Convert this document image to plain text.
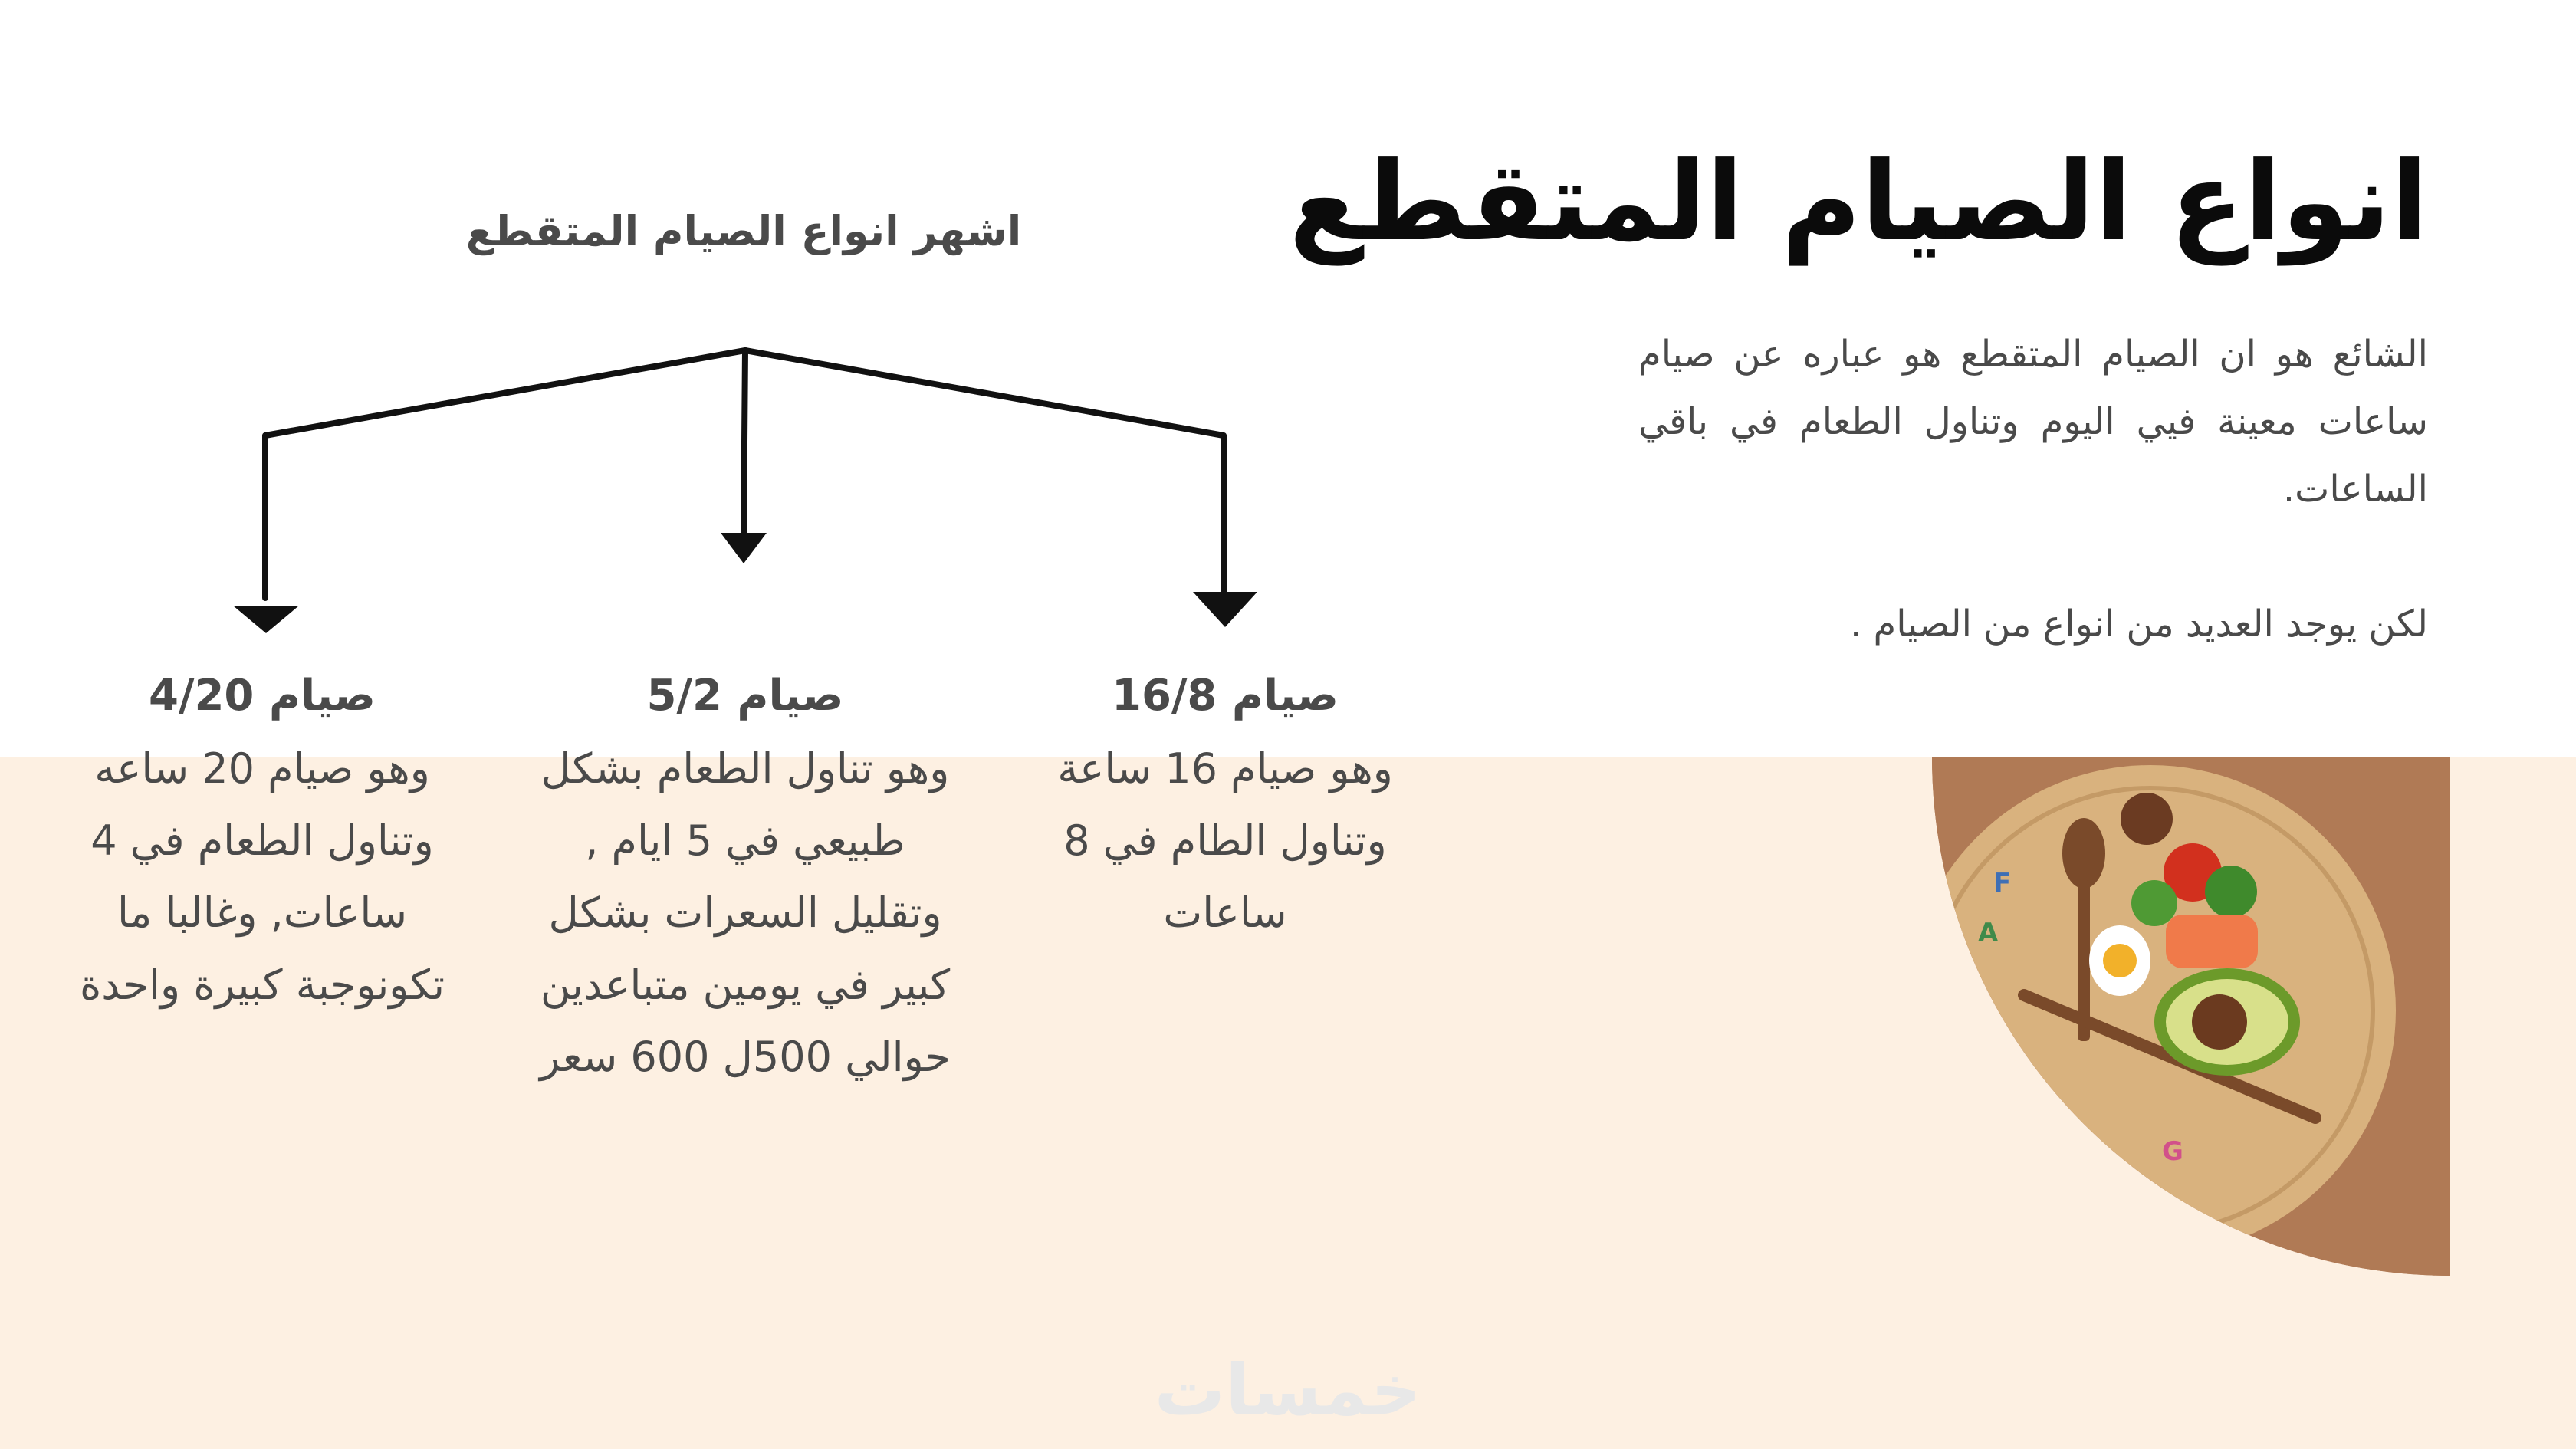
انواع الصيام المتقطع
الشائع هو ان الصيام المتقطع هو عباره عن صيام ساعات معينة فيي اليوم وتناول الطعام في باقي الساعات.
لكن يوجد العديد من انواع من الصيام .
اشهر انواع الصيام المتقطع
صيام 16/8
وهو صيام 16 ساعة وتناول الطام في 8 ساعات
صيام 5/2
وهو تناول الطعام بشكل طبيعي في 5 ايام , وتقليل السعرات بشكل كبير في يومين متباعدين حوالي 500ل 600 سعر
صيام 4/20
وهو صيام 20 ساعه وتناول الطعام في 4 ساعات, وغالبا ما تكونوجبة كبيرة واحدة
F
A
G
خمسات
